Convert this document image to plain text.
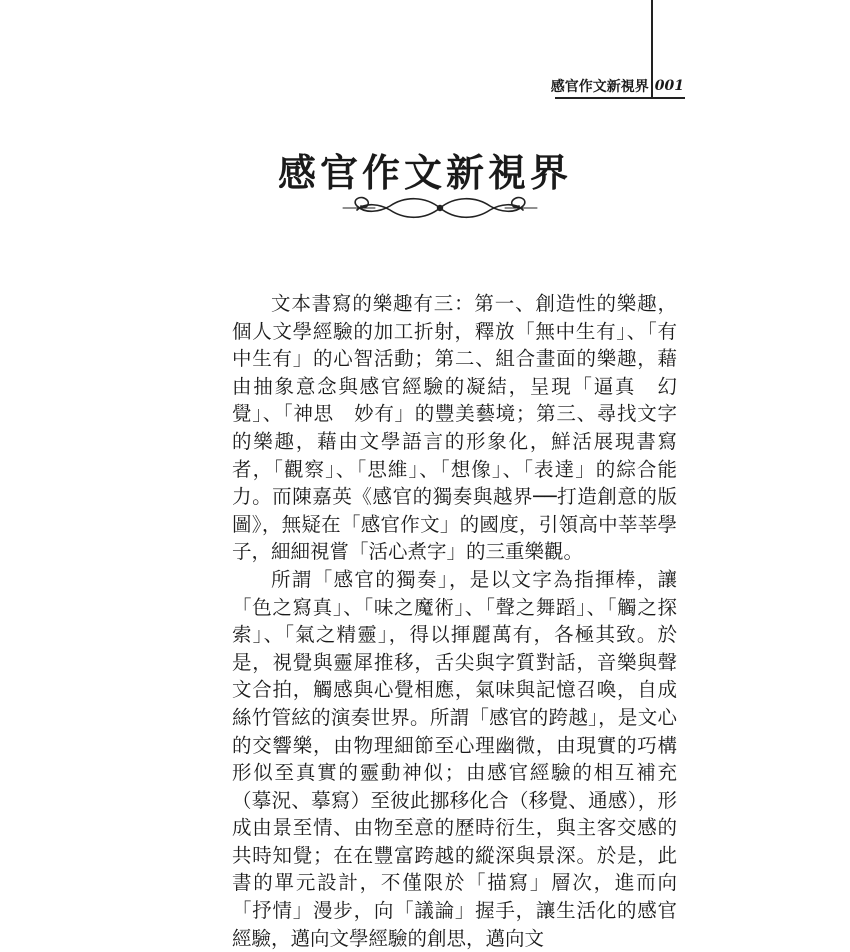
感官作文新視界 001
感官作文新視界

文本書寫的樂趣有三：第一、創造性的樂趣，個人文學經驗的加工折射，釋放「無中生有」、「有中生有」的心智活動；第二、組合畫面的樂趣，藉由抽象意念與感官經驗的凝結，呈現「逼真　幻覺」、「神思　妙有」的豐美藝境；第三、尋找文字的樂趣，藉由文學語言的形象化，鮮活展現書寫者，「觀察」、「思維」、「想像」、「表達」的綜合能力。而陳嘉英《感官的獨奏與越界──打造創意的版圖》，無疑在「感官作文」的國度，引領高中莘莘學子，細細視嘗「活心煮字」的三重樂觀。

所謂「感官的獨奏」，是以文字為指揮棒，讓「色之寫真」、「味之魔術」、「聲之舞蹈」、「觸之探索」、「氣之精靈」，得以揮麗萬有，各極其致。於是，視覺與靈犀推移，舌尖與字質對話，音樂與聲文合拍，觸感與心覺相應，氣味與記憶召喚，自成絲竹管絃的演奏世界。所謂「感官的跨越」，是文心的交響樂，由物理細節至心理幽微，由現實的巧構形似至真實的靈動神似；由感官經驗的相互補充（摹況、摹寫）至彼此挪移化合（移覺、通感），形成由景至情、由物至意的歷時衍生，與主客交感的共時知覺；在在豐富跨越的縱深與景深。於是，此書的單元設計，不僅限於「描寫」層次，進而向「抒情」漫步，向「議論」握手，讓生活化的感官經驗，邁向文學經驗的創思，邁向文
